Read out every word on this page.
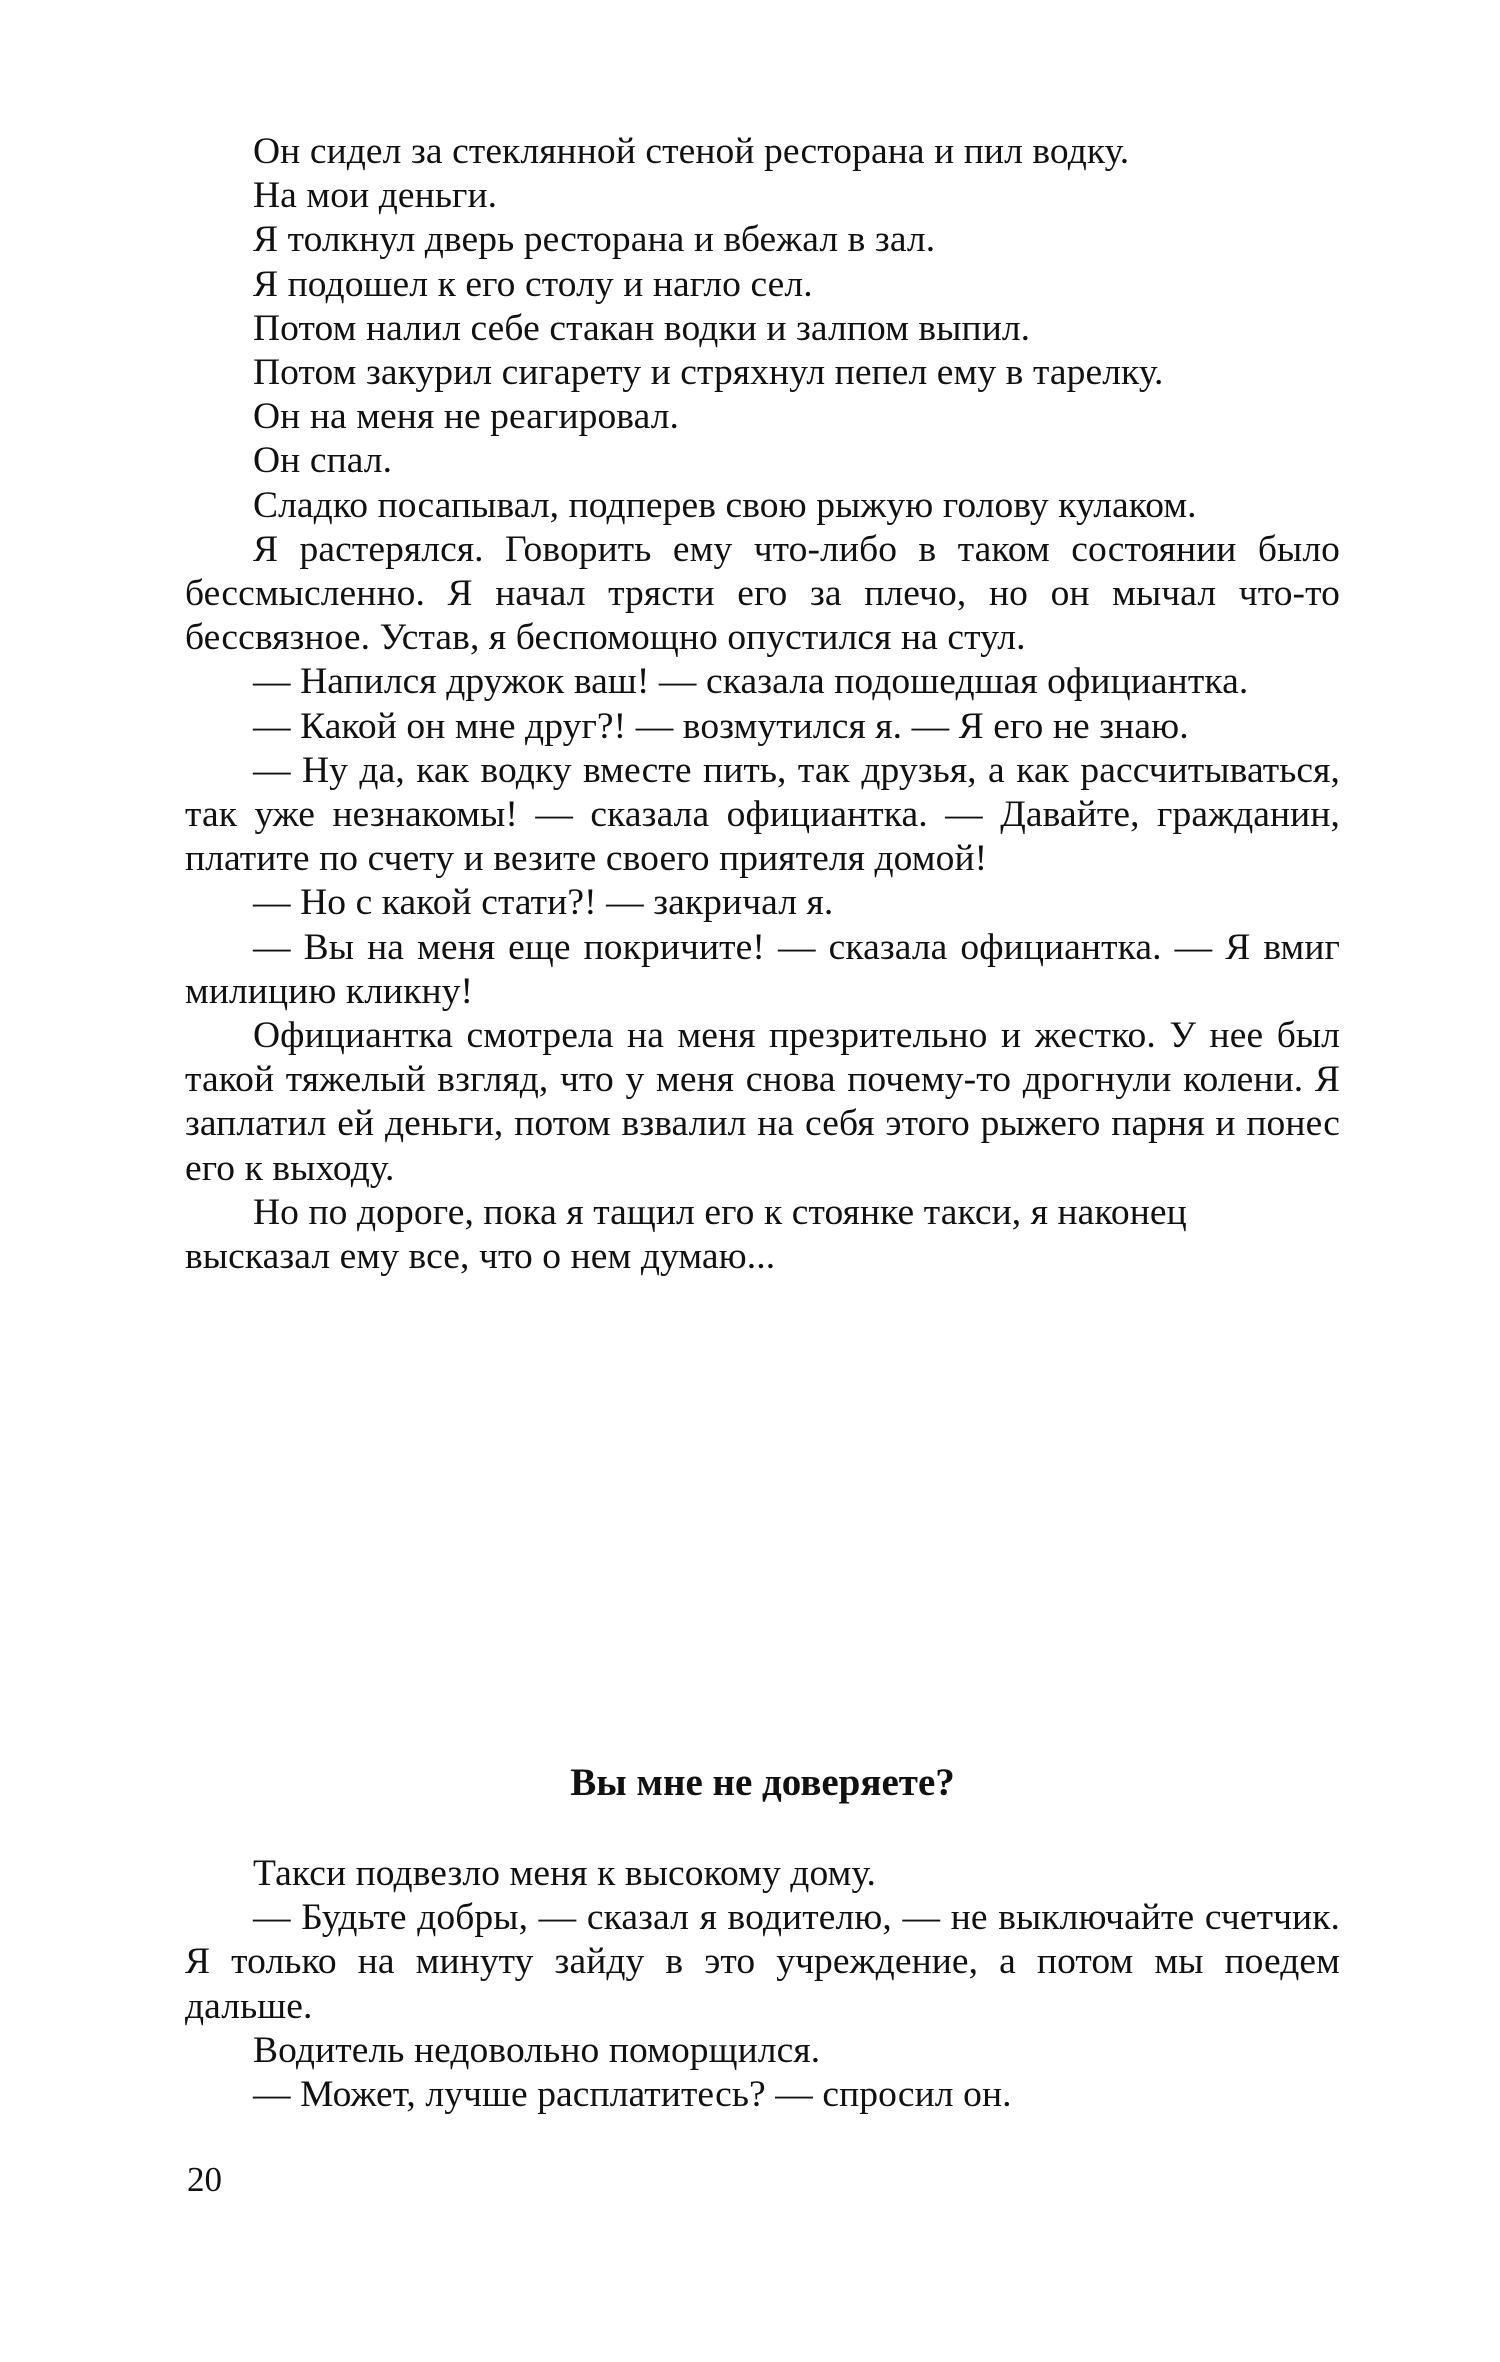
Он сидел за стеклянной стеной ресторана и пил водку.

На мои деньги.

Я толкнул дверь ресторана и вбежал в зал.

Я подошел к его столу и нагло сел.

Потом налил себе стакан водки и залпом выпил.

Потом закурил сигарету и стряхнул пепел ему в тарелку.

Он на меня не реагировал.

Он спал.

Сладко посапывал, подперев свою рыжую голову кулаком.

Я растерялся. Говорить ему что-либо в таком состоянии было бессмысленно. Я начал трясти его за плечо, но он мычал что-то бессвязное. Устав, я беспомощно опустился на стул.

— Напился дружок ваш! — сказала подошедшая официантка.

— Какой он мне друг?! — возмутился я. — Я его не знаю.

— Ну да, как водку вместе пить, так друзья, а как рассчитываться, так уже незнакомы! — сказала официантка. — Давайте, гражданин, платите по счету и везите своего приятеля домой!

— Но с какой стати?! — закричал я.

— Вы на меня еще покричите! — сказала официантка. — Я вмиг милицию кликну!

Официантка смотрела на меня презрительно и жестко. У нее был такой тяжелый взгляд, что у меня снова почему-то дрогнули колени. Я заплатил ей деньги, потом взвалил на себя этого рыжего парня и понес его к выходу.

Но по дороге, пока я тащил его к стоянке такси, я наконец высказал ему все, что о нем думаю...

Вы мне не доверяете?

Такси подвезло меня к высокому дому.

— Будьте добры, — сказал я водителю, — не выключайте счетчик. Я только на минуту зайду в это учреждение, а потом мы поедем дальше.

Водитель недовольно поморщился.

— Может, лучше расплатитесь? — спросил он.

20
